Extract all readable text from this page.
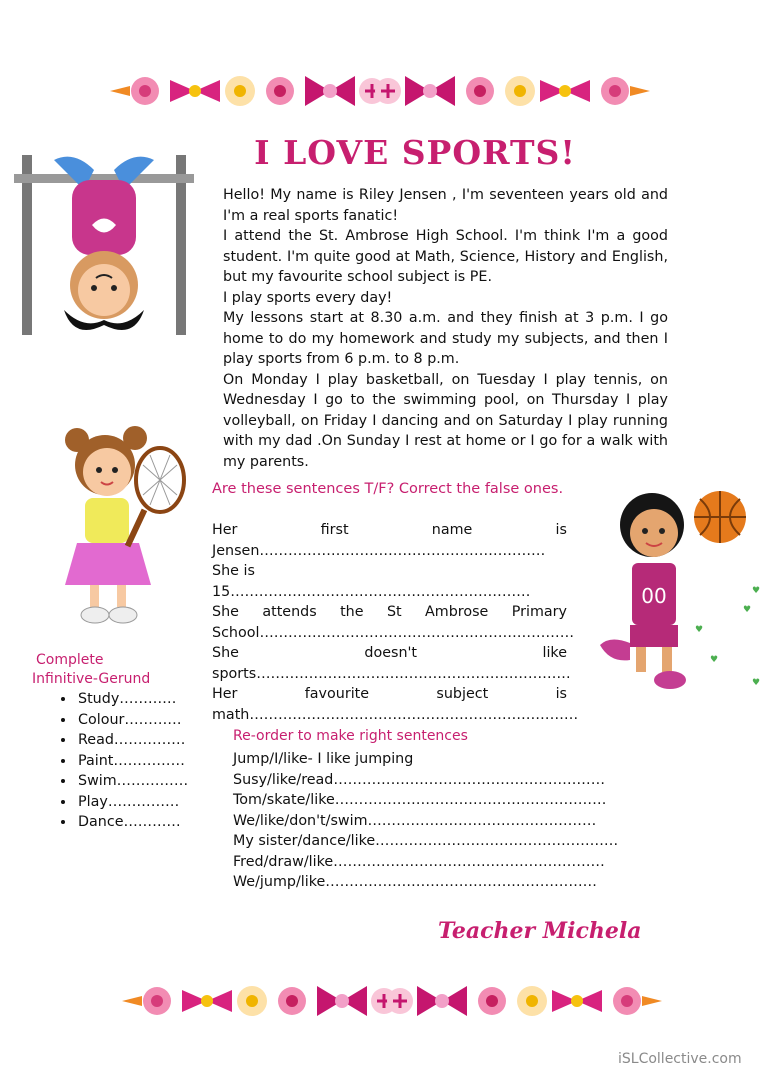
I LOVE SPORTS!
00	♥
♥
♥
♥
♥

Hello! My name is Riley Jensen , I'm seventeen years old and I'm a real sports fanatic!

I attend the St. Ambrose High School. I'm think I'm a good student. I'm quite good at Math, Science, History and English, but my favourite school subject is PE.

I play sports every day!

My lessons start at 8.30 a.m. and they finish at 3 p.m. I go home to do my homework and study my subjects, and then I play sports from 6 p.m. to 8 p.m.

On Monday I play basketball, on Tuesday I play tennis, on Wednesday I go to the swimming pool, on Thursday I play volleyball, on Friday I dancing and on Saturday I play running with my dad .On Sunday I rest at home or I go for a walk with my parents.

Are these sentences T/F? Correct the false ones.
Her	first	name	is
Jensen……………………………………………………
She is 15………………………………………………………
She attends the St Ambrose Primary
School…………………………………………………………
She	doesn't	like
sports…………………………………………………………
Her	favourite	subject	is
math……………………………………………………………
Complete
Infinitive-Gerund
• Study…………
• Colour…………
• Read……………
• Paint……………
• Swim……………
• Play……………
• Dance…………
Re-order to make right sentences
Jump/I/like- I like jumping
Susy/like/read…………………………………………………
Tom/skate/like…………………………………………………
We/like/don't/swim…………………………………………
My sister/dance/like……………………………………………
Fred/draw/like…………………………………………………
We/jump/like…………………………………………………
Teacher Michela
iSLCollective.com
